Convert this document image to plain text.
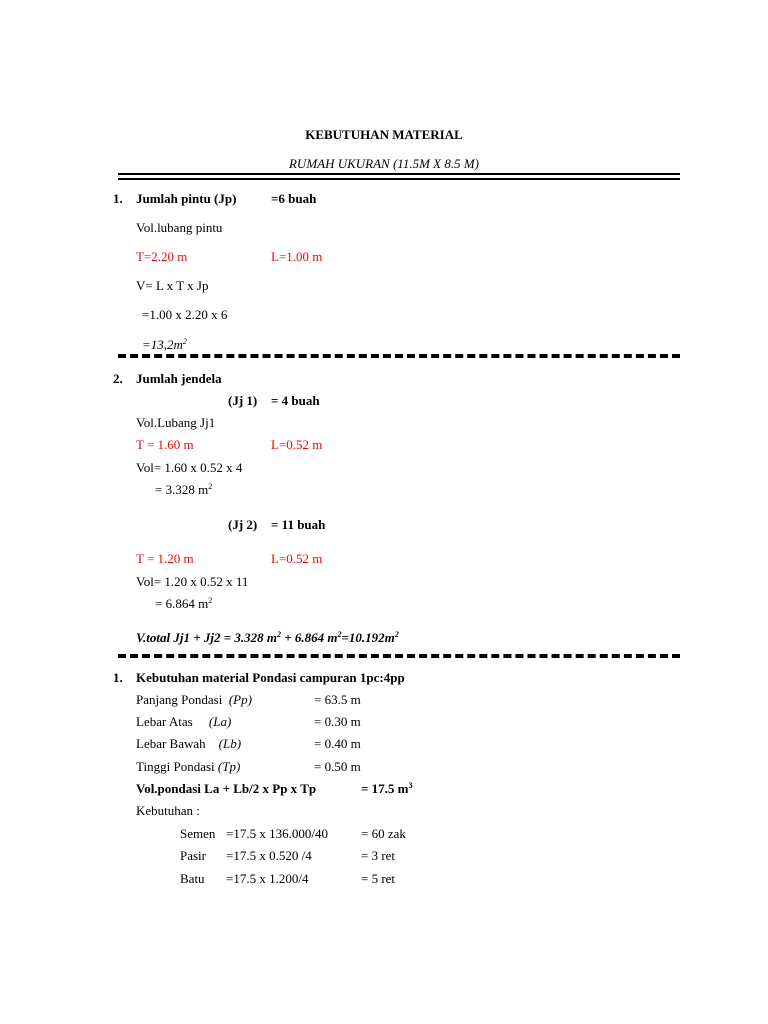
KEBUTUHAN MATERIAL
RUMAH UKURAN (11.5M X 8.5 M)
1. Jumlah pintu (Jp)	=6 buah
Vol.lubang pintu
T=2.20 m	L=1.00 m
V= L x T x Jp
=1.00 x 2.20 x 6
$=13,2m^2$
2. Jumlah jendela
(Jj 1) = 4 buah
Vol.Lubang Jj1
T = 1.60 m	L=0.52 m
Vol= 1.60 x 0.52 x 4
= 3.328 $m^2$
(Jj 2) = 11 buah
T = 1.20 m	L=0.52 m
Vol= 1.20 x 0.52 x 11
= 6.864 $m^2$
V.total Jj1 + Jj2 = 3.328 $m^2 + 6.864$ $m^2=10.192m^2$
1. Kebutuhan material Pondasi campuran 1pc:4pp
Panjang Pondasi (Pp)	= 63.5 m
Lebar Atas (La)	= 0.30 m
Lebar Bawah (Lb)	= 0.40 m
Tinggi Pondasi (Tp)	= 0.50 m
Vol.pondasi La + Lb/2 x Pp x Tp	= 17.5 $m^3$
Kebutuhan :
Semen =17.5 x 136.000/40	= 60 zak
Pasir =17.5 x 0.520 /4	= 3 ret
Batu =17.5 x 1.200/4	= 5 ret
